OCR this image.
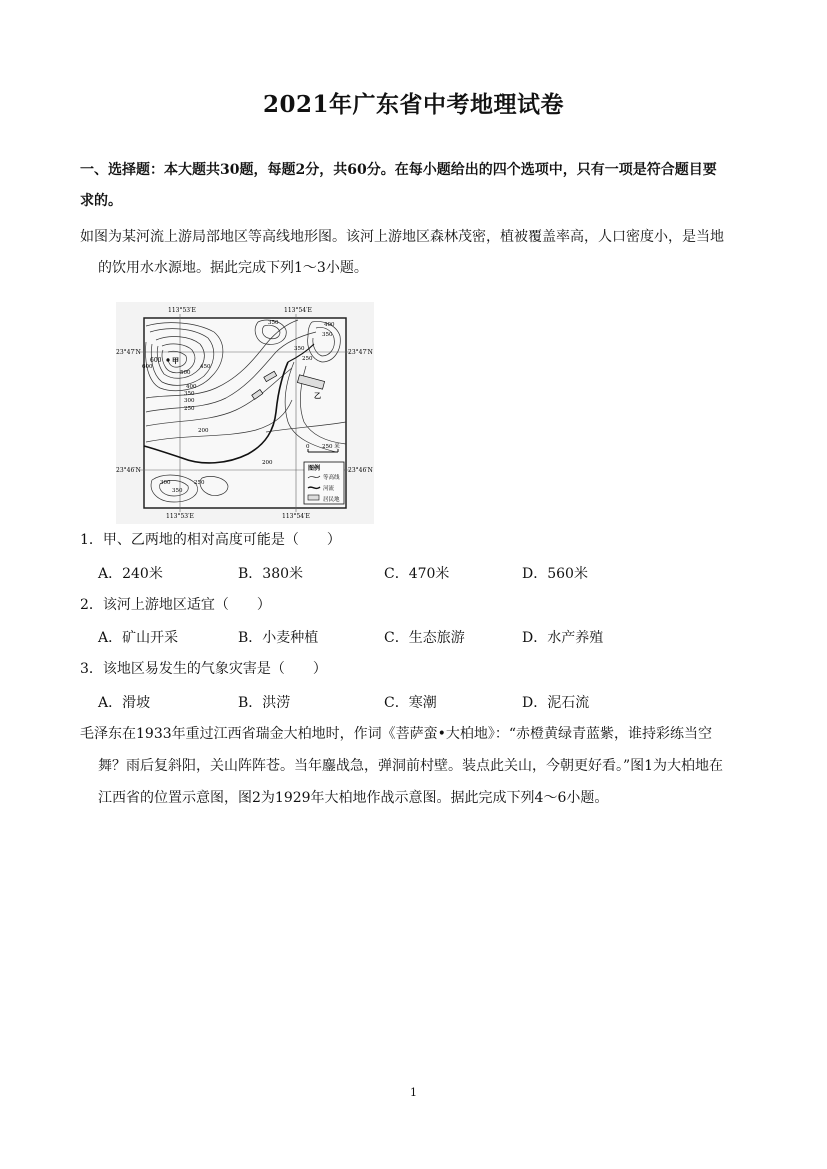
2021年广东省中考地理试卷
一、选择题：本大题共30题，每题2分，共60分。在每小题给出的四个选项中，只有一项是符合题目要
求的。
如图为某河流上游局部地区等高线地形图。该河上游地区森林茂密，植被覆盖率高，人口密度小，是当地
的饮用水水源地。据此完成下列1～3小题。
113°53′E	113°54′E
113°53′E	113°54′E
23°47′N	23°47′N
23°46′N	23°46′N
600 甲
乙
350	400
350
250
500
450
400
350
300
250
200
200
300	250
350
0 250 米
图例
等高线
河流
居民地
600
350
1．甲、乙两地的相对高度可能是（　　）
A．240米	B．380米	C．470米	D．560米
2．该河上游地区适宜（　　）
A．矿山开采	B．小麦种植	C．生态旅游	D．水产养殖
3．该地区易发生的气象灾害是（　　）
A．滑坡	B．洪涝	C．寒潮	D．泥石流
毛泽东在1933年重过江西省瑞金大柏地时，作词《菩萨蛮•大柏地》：“赤橙黄绿青蓝紫，谁持彩练当空
舞？雨后复斜阳，关山阵阵苍。当年鏖战急，弹洞前村壁。装点此关山，今朝更好看。”图1为大柏地在
江西省的位置示意图，图2为1929年大柏地作战示意图。据此完成下列4～6小题。
1
